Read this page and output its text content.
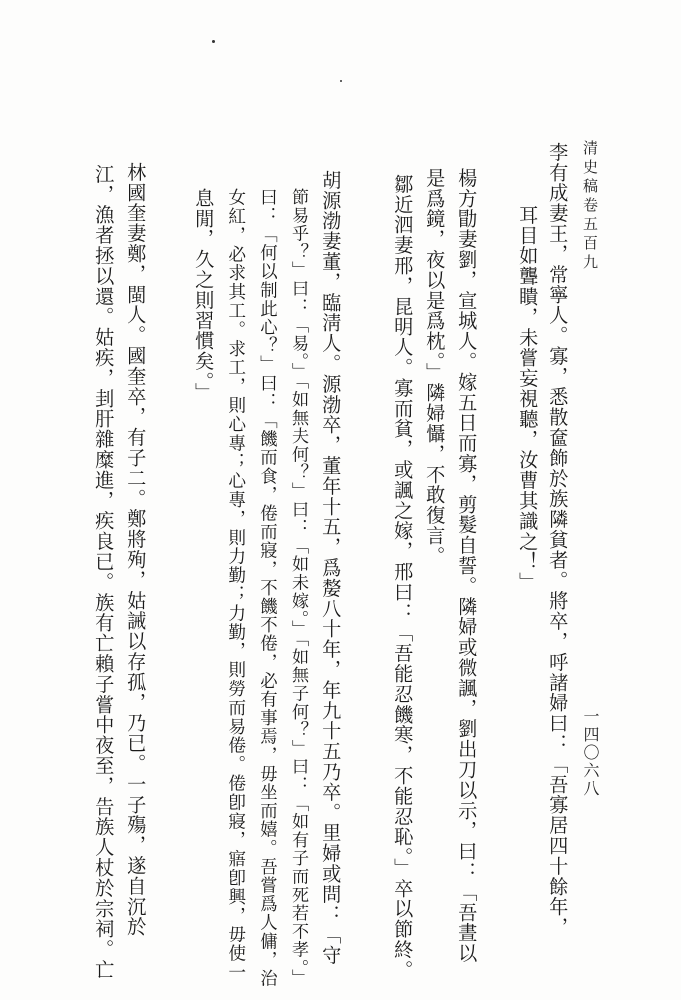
清史稿卷五百九
一四〇六八
李有成妻王，常寧人。寡，悉散奩飾於族隣貧者。將卒，呼諸婦曰：「吾寡居四十餘年，
耳目如聾瞶，未嘗妄視聽，汝曹其識之！」
楊方勖妻劉，宣城人。嫁五日而寡，剪髮自誓。隣婦或微諷，劉出刀以示，曰：「吾晝以
是爲鏡，夜以是爲枕。」隣婦懾，不敢復言。
鄒近泗妻邢，昆明人。寡而貧，或諷之嫁，邢曰：「吾能忍饑寒，不能忍恥。」卒以節終。
胡源渤妻董，臨淸人。源渤卒，董年十五，爲嫠八十年，年九十五乃卒。里婦或問：「守
節易乎？」曰：「易。」「如無夫何？」曰：「如未嫁。」「如無子何？」曰：「如有子而死若不孝。」
曰：「何以制此心？」曰：「饑而食，倦而寢，不饑不倦，必有事焉，毋坐而嬉。吾嘗爲人傭，治
女紅，必求其工。求工，則心專；心專，則力勤；力勤，則勞而易倦。倦卽寢，寤卽興，毋使一
息閒，久之則習慣矣。」
林國奎妻鄭，閩人。國奎卒，有子二。鄭將殉，姑誡以存孤，乃已。一子殤，遂自沉於
江，漁者拯以還。姑疾，刲肝雜糜進，疾良已。族有亡賴子嘗中夜至，告族人杖於宗祠。亡
